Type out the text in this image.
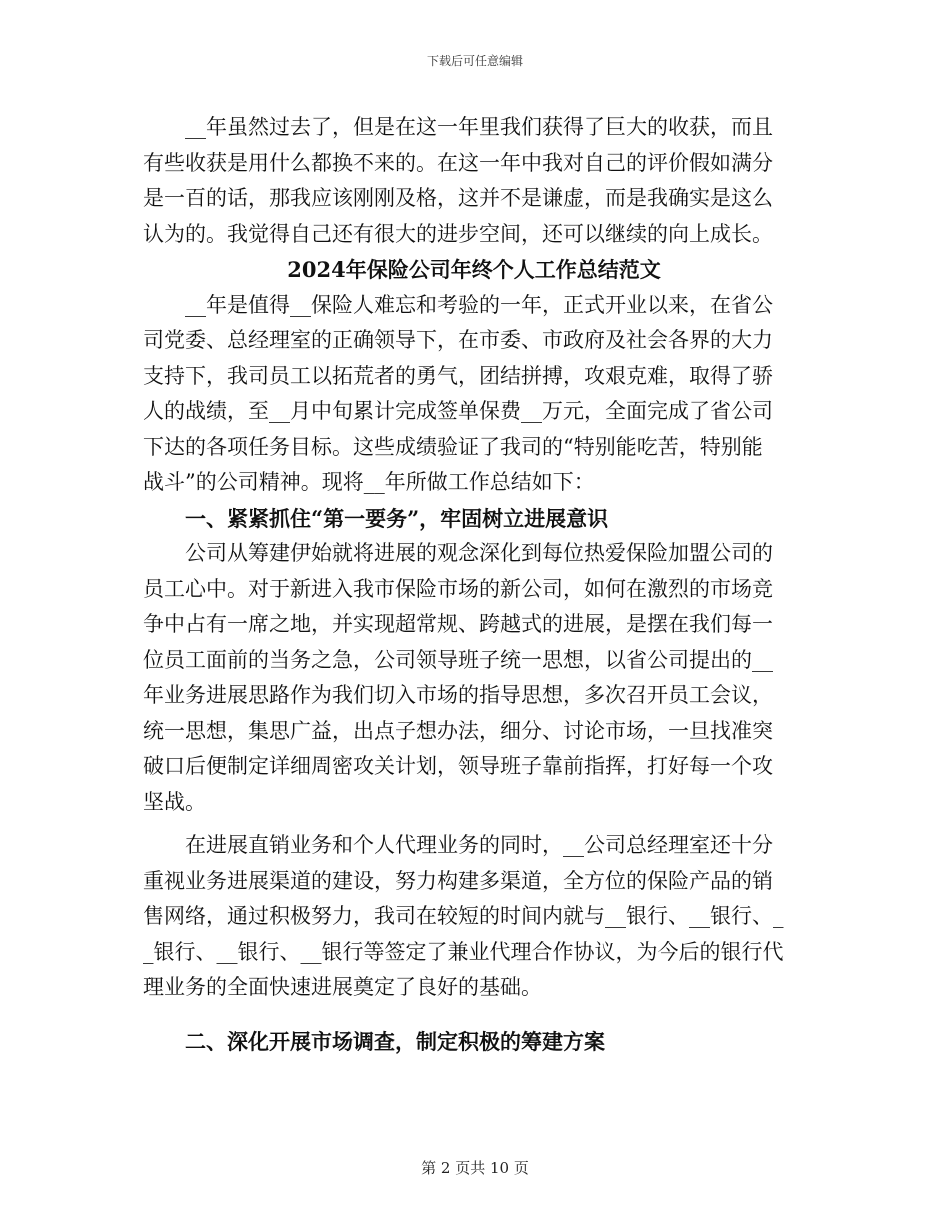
下载后可任意编辑
__年虽然过去了，但是在这一年里我们获得了巨大的收获，而且
有些收获是用什么都换不来的。在这一年中我对自己的评价假如满分
是一百的话，那我应该刚刚及格，这并不是谦虚，而是我确实是这么
认为的。我觉得自己还有很大的进步空间，还可以继续的向上成长。
2024年保险公司年终个人工作总结范文
__年是值得__保险人难忘和考验的一年，正式开业以来，在省公
司党委、总经理室的正确领导下，在市委、市政府及社会各界的大力
支持下，我司员工以拓荒者的勇气，团结拼搏，攻艰克难，取得了骄
人的战绩，至__月中旬累计完成签单保费__万元，全面完成了省公司
下达的各项任务目标。这些成绩验证了我司的“特别能吃苦，特别能
战斗”的公司精神。现将__年所做工作总结如下：
一、紧紧抓住“第一要务”，牢固树立进展意识
公司从筹建伊始就将进展的观念深化到每位热爱保险加盟公司的
员工心中。对于新进入我市保险市场的新公司，如何在激烈的市场竞
争中占有一席之地，并实现超常规、跨越式的进展，是摆在我们每一
位员工面前的当务之急，公司领导班子统一思想，以省公司提出的__
年业务进展思路作为我们切入市场的指导思想，多次召开员工会议，
统一思想，集思广益，出点子想办法，细分、讨论市场，一旦找准突
破口后便制定详细周密攻关计划，领导班子靠前指挥，打好每一个攻
坚战。
在进展直销业务和个人代理业务的同时，__公司总经理室还十分
重视业务进展渠道的建设，努力构建多渠道，全方位的保险产品的销
售网络，通过积极努力，我司在较短的时间内就与__银行、__银行、_
_银行、__银行、__银行等签定了兼业代理合作协议，为今后的银行代
理业务的全面快速进展奠定了良好的基础。
二、深化开展市场调查，制定积极的筹建方案
第 2 页共 10 页
